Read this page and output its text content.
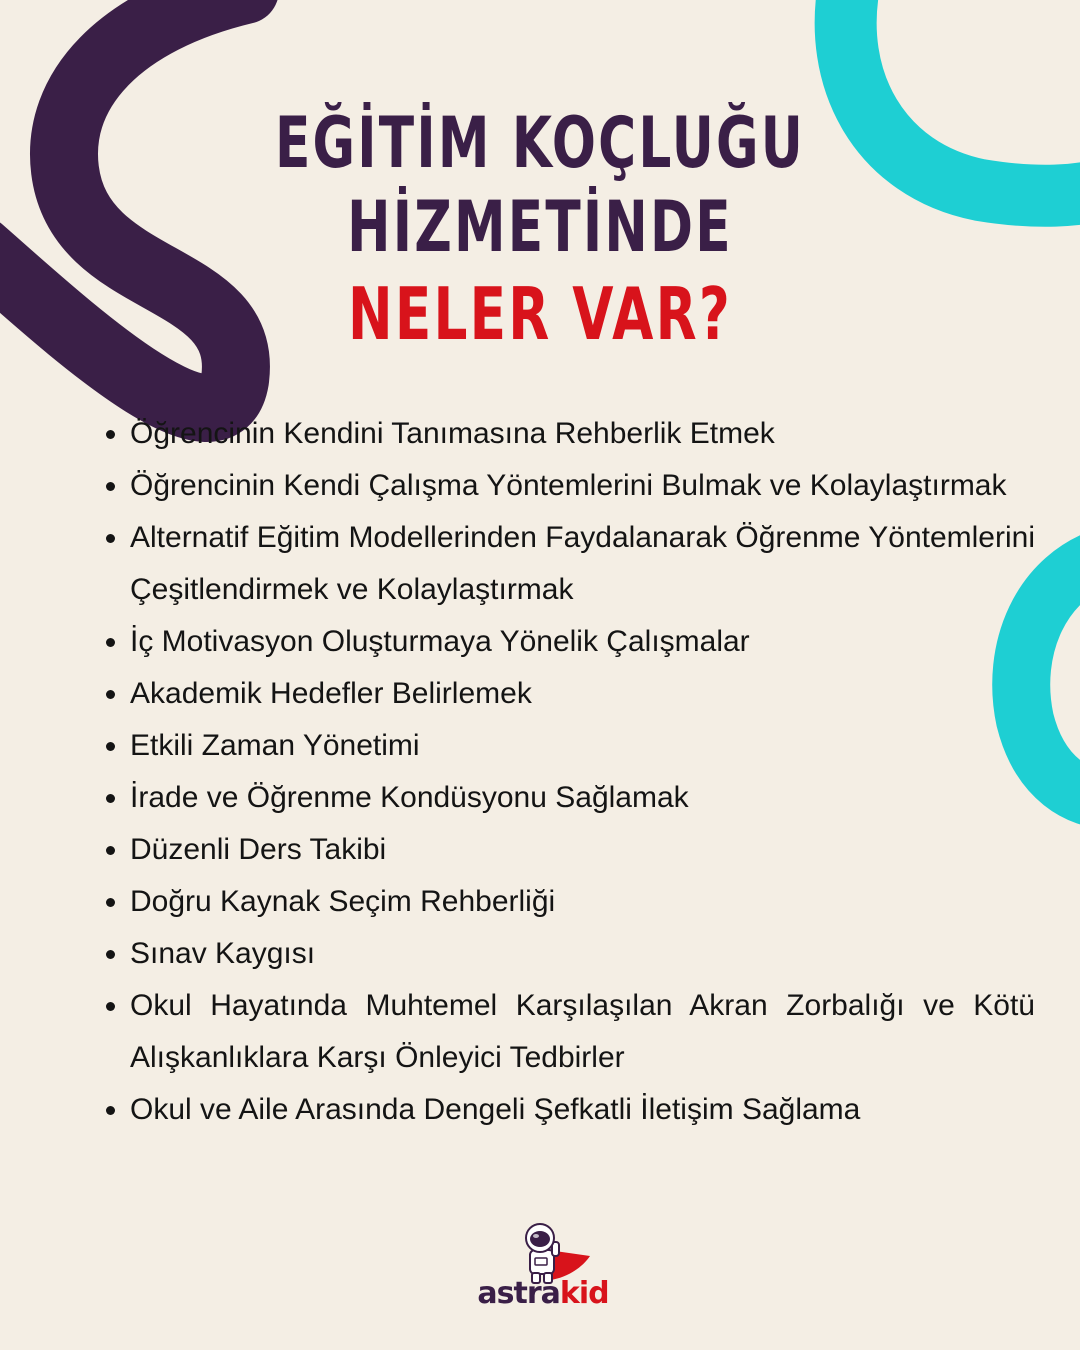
EĞİTİM KOÇLUĞU
HİZMETİNDE
NELER VAR?
Öğrencinin Kendini Tanımasına Rehberlik Etmek
Öğrencinin Kendi Çalışma Yöntemlerini Bulmak ve Kolaylaştırmak
Alternatif Eğitim Modellerinden Faydalanarak Öğrenme Yöntemlerini Çeşitlendirmek ve Kolaylaştırmak
İç Motivasyon Oluşturmaya Yönelik Çalışmalar
Akademik Hedefler Belirlemek
Etkili Zaman Yönetimi
İrade ve Öğrenme Kondüsyonu Sağlamak
Düzenli Ders Takibi
Doğru Kaynak Seçim Rehberliği
Sınav Kaygısı
Okul Hayatında Muhtemel Karşılaşılan Akran Zorbalığı ve Kötü Alışkanlıklara Karşı Önleyici Tedbirler
Okul ve Aile Arasında Dengeli Şefkatli İletişim Sağlama
astrakid
